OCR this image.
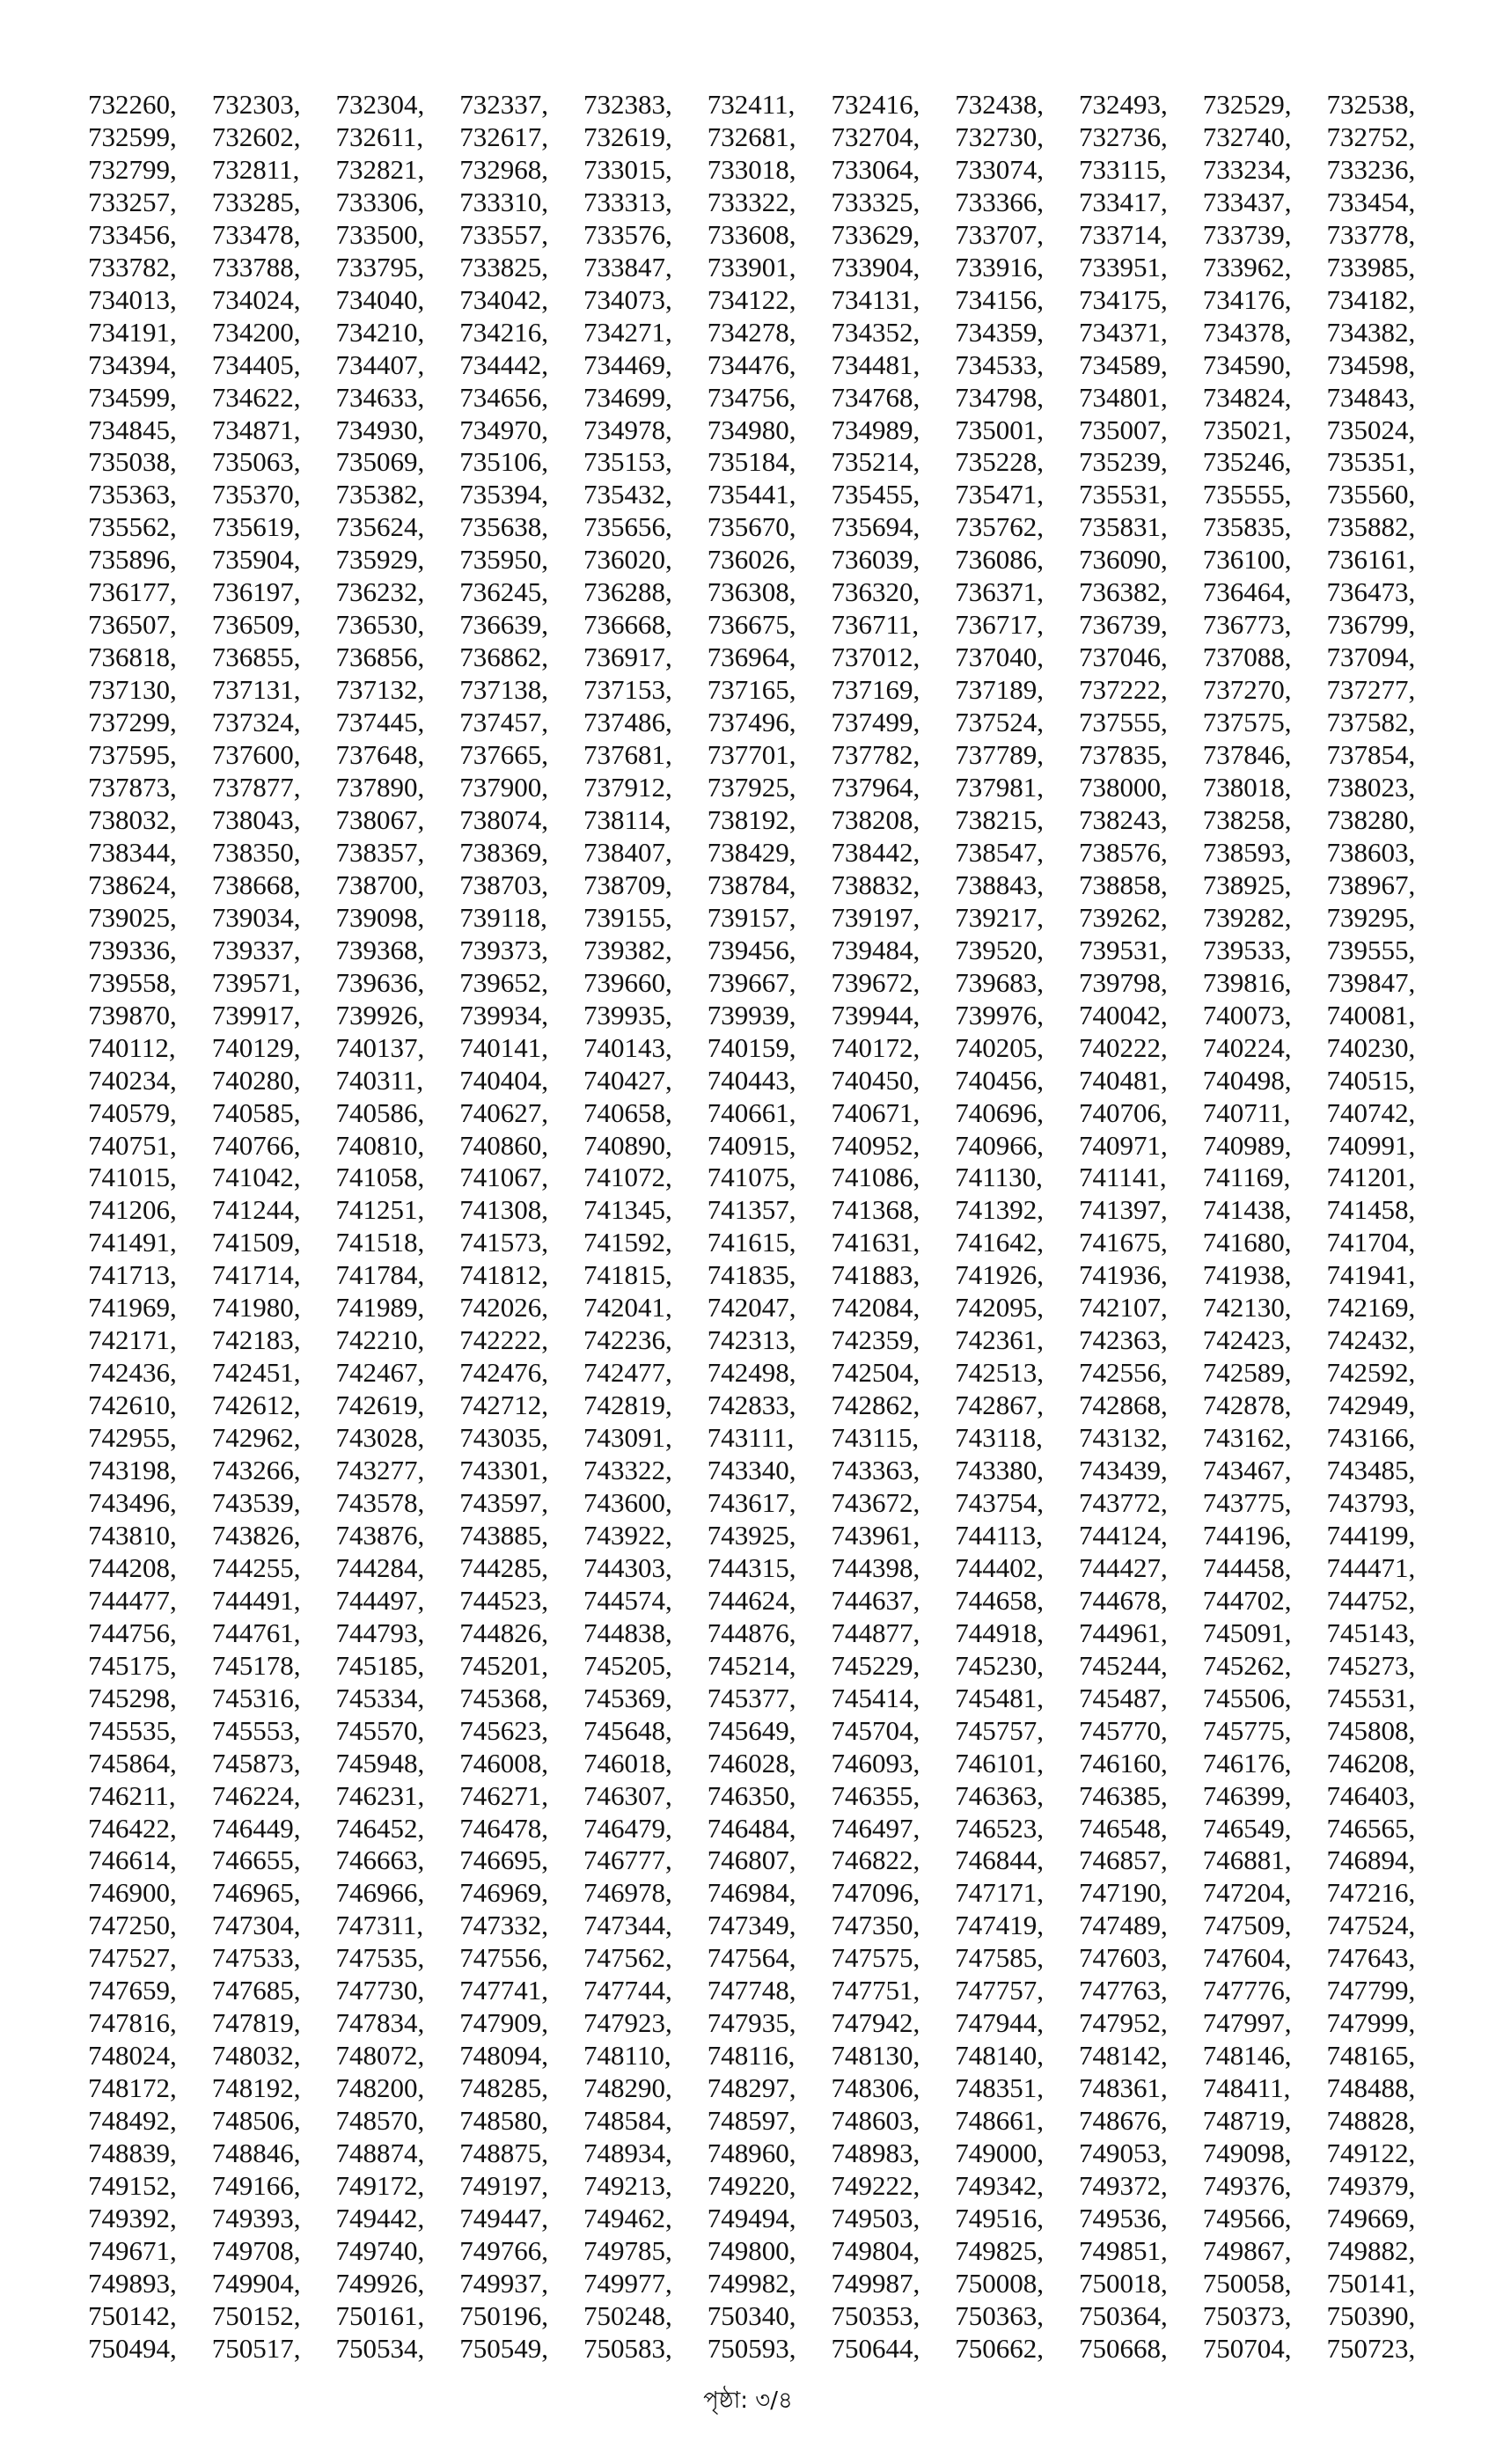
732260,	732303,	732304,	732337,	732383,	732411,	732416,	732438,	732493,	732529,	732538,
732599,	732602,	732611,	732617,	732619,	732681,	732704,	732730,	732736,	732740,	732752,
732799,	732811,	732821,	732968,	733015,	733018,	733064,	733074,	733115,	733234,	733236,
733257,	733285,	733306,	733310,	733313,	733322,	733325,	733366,	733417,	733437,	733454,
733456,	733478,	733500,	733557,	733576,	733608,	733629,	733707,	733714,	733739,	733778,
733782,	733788,	733795,	733825,	733847,	733901,	733904,	733916,	733951,	733962,	733985,
734013,	734024,	734040,	734042,	734073,	734122,	734131,	734156,	734175,	734176,	734182,
734191,	734200,	734210,	734216,	734271,	734278,	734352,	734359,	734371,	734378,	734382,
734394,	734405,	734407,	734442,	734469,	734476,	734481,	734533,	734589,	734590,	734598,
734599,	734622,	734633,	734656,	734699,	734756,	734768,	734798,	734801,	734824,	734843,
734845,	734871,	734930,	734970,	734978,	734980,	734989,	735001,	735007,	735021,	735024,
735038,	735063,	735069,	735106,	735153,	735184,	735214,	735228,	735239,	735246,	735351,
735363,	735370,	735382,	735394,	735432,	735441,	735455,	735471,	735531,	735555,	735560,
735562,	735619,	735624,	735638,	735656,	735670,	735694,	735762,	735831,	735835,	735882,
735896,	735904,	735929,	735950,	736020,	736026,	736039,	736086,	736090,	736100,	736161,
736177,	736197,	736232,	736245,	736288,	736308,	736320,	736371,	736382,	736464,	736473,
736507,	736509,	736530,	736639,	736668,	736675,	736711,	736717,	736739,	736773,	736799,
736818,	736855,	736856,	736862,	736917,	736964,	737012,	737040,	737046,	737088,	737094,
737130,	737131,	737132,	737138,	737153,	737165,	737169,	737189,	737222,	737270,	737277,
737299,	737324,	737445,	737457,	737486,	737496,	737499,	737524,	737555,	737575,	737582,
737595,	737600,	737648,	737665,	737681,	737701,	737782,	737789,	737835,	737846,	737854,
737873,	737877,	737890,	737900,	737912,	737925,	737964,	737981,	738000,	738018,	738023,
738032,	738043,	738067,	738074,	738114,	738192,	738208,	738215,	738243,	738258,	738280,
738344,	738350,	738357,	738369,	738407,	738429,	738442,	738547,	738576,	738593,	738603,
738624,	738668,	738700,	738703,	738709,	738784,	738832,	738843,	738858,	738925,	738967,
739025,	739034,	739098,	739118,	739155,	739157,	739197,	739217,	739262,	739282,	739295,
739336,	739337,	739368,	739373,	739382,	739456,	739484,	739520,	739531,	739533,	739555,
739558,	739571,	739636,	739652,	739660,	739667,	739672,	739683,	739798,	739816,	739847,
739870,	739917,	739926,	739934,	739935,	739939,	739944,	739976,	740042,	740073,	740081,
740112,	740129,	740137,	740141,	740143,	740159,	740172,	740205,	740222,	740224,	740230,
740234,	740280,	740311,	740404,	740427,	740443,	740450,	740456,	740481,	740498,	740515,
740579,	740585,	740586,	740627,	740658,	740661,	740671,	740696,	740706,	740711,	740742,
740751,	740766,	740810,	740860,	740890,	740915,	740952,	740966,	740971,	740989,	740991,
741015,	741042,	741058,	741067,	741072,	741075,	741086,	741130,	741141,	741169,	741201,
741206,	741244,	741251,	741308,	741345,	741357,	741368,	741392,	741397,	741438,	741458,
741491,	741509,	741518,	741573,	741592,	741615,	741631,	741642,	741675,	741680,	741704,
741713,	741714,	741784,	741812,	741815,	741835,	741883,	741926,	741936,	741938,	741941,
741969,	741980,	741989,	742026,	742041,	742047,	742084,	742095,	742107,	742130,	742169,
742171,	742183,	742210,	742222,	742236,	742313,	742359,	742361,	742363,	742423,	742432,
742436,	742451,	742467,	742476,	742477,	742498,	742504,	742513,	742556,	742589,	742592,
742610,	742612,	742619,	742712,	742819,	742833,	742862,	742867,	742868,	742878,	742949,
742955,	742962,	743028,	743035,	743091,	743111,	743115,	743118,	743132,	743162,	743166,
743198,	743266,	743277,	743301,	743322,	743340,	743363,	743380,	743439,	743467,	743485,
743496,	743539,	743578,	743597,	743600,	743617,	743672,	743754,	743772,	743775,	743793,
743810,	743826,	743876,	743885,	743922,	743925,	743961,	744113,	744124,	744196,	744199,
744208,	744255,	744284,	744285,	744303,	744315,	744398,	744402,	744427,	744458,	744471,
744477,	744491,	744497,	744523,	744574,	744624,	744637,	744658,	744678,	744702,	744752,
744756,	744761,	744793,	744826,	744838,	744876,	744877,	744918,	744961,	745091,	745143,
745175,	745178,	745185,	745201,	745205,	745214,	745229,	745230,	745244,	745262,	745273,
745298,	745316,	745334,	745368,	745369,	745377,	745414,	745481,	745487,	745506,	745531,
745535,	745553,	745570,	745623,	745648,	745649,	745704,	745757,	745770,	745775,	745808,
745864,	745873,	745948,	746008,	746018,	746028,	746093,	746101,	746160,	746176,	746208,
746211,	746224,	746231,	746271,	746307,	746350,	746355,	746363,	746385,	746399,	746403,
746422,	746449,	746452,	746478,	746479,	746484,	746497,	746523,	746548,	746549,	746565,
746614,	746655,	746663,	746695,	746777,	746807,	746822,	746844,	746857,	746881,	746894,
746900,	746965,	746966,	746969,	746978,	746984,	747096,	747171,	747190,	747204,	747216,
747250,	747304,	747311,	747332,	747344,	747349,	747350,	747419,	747489,	747509,	747524,
747527,	747533,	747535,	747556,	747562,	747564,	747575,	747585,	747603,	747604,	747643,
747659,	747685,	747730,	747741,	747744,	747748,	747751,	747757,	747763,	747776,	747799,
747816,	747819,	747834,	747909,	747923,	747935,	747942,	747944,	747952,	747997,	747999,
748024,	748032,	748072,	748094,	748110,	748116,	748130,	748140,	748142,	748146,	748165,
748172,	748192,	748200,	748285,	748290,	748297,	748306,	748351,	748361,	748411,	748488,
748492,	748506,	748570,	748580,	748584,	748597,	748603,	748661,	748676,	748719,	748828,
748839,	748846,	748874,	748875,	748934,	748960,	748983,	749000,	749053,	749098,	749122,
749152,	749166,	749172,	749197,	749213,	749220,	749222,	749342,	749372,	749376,	749379,
749392,	749393,	749442,	749447,	749462,	749494,	749503,	749516,	749536,	749566,	749669,
749671,	749708,	749740,	749766,	749785,	749800,	749804,	749825,	749851,	749867,	749882,
749893,	749904,	749926,	749937,	749977,	749982,	749987,	750008,	750018,	750058,	750141,
750142,	750152,	750161,	750196,	750248,	750340,	750353,	750363,	750364,	750373,	750390,
750494,	750517,	750534,	750549,	750583,	750593,	750644,	750662,	750668,	750704,	750723,
পৃষ্ঠা: ৩/৪
